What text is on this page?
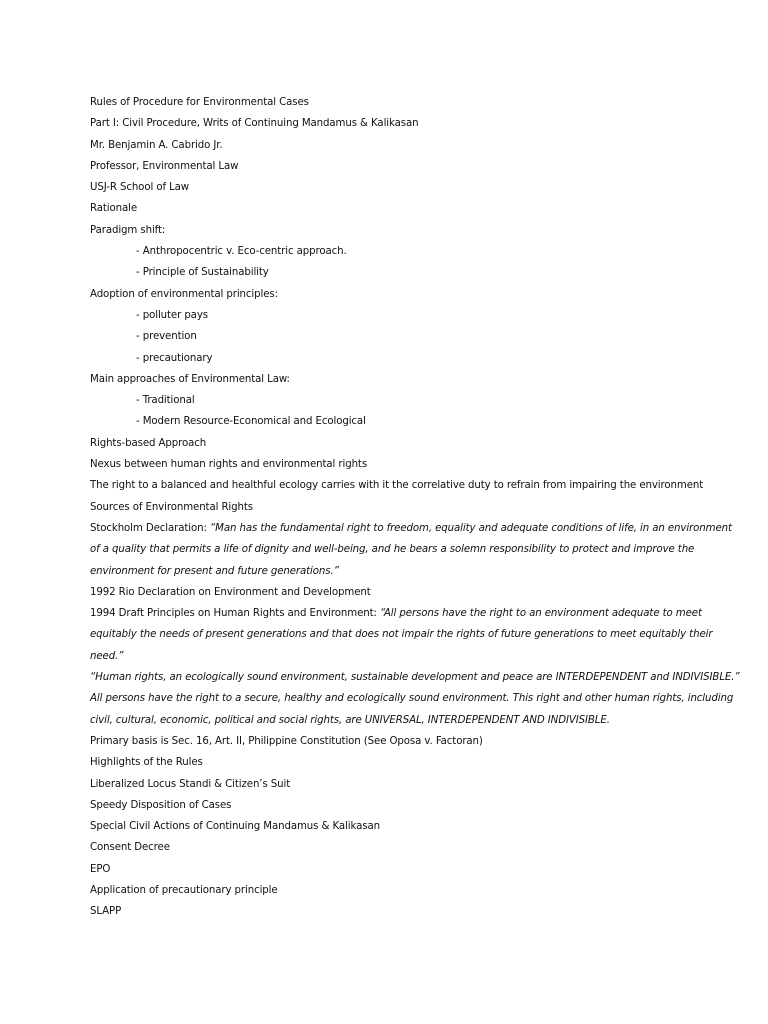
Rules of Procedure for Environmental Cases
Part I: Civil Procedure, Writs of Continuing Mandamus & Kalikasan
Mr. Benjamin A. Cabrido Jr.
Professor, Environmental Law
USJ-R School of Law
Rationale
Paradigm shift:
- Anthropocentric v. Eco-centric approach.
- Principle of Sustainability
Adoption of environmental principles:
- polluter pays
- prevention
- precautionary
Main approaches of Environmental Law:
- Traditional
- Modern Resource-Economical and Ecological
Rights-based Approach
Nexus between human rights and environmental rights
The right to a balanced and healthful ecology carries with it the correlative duty to refrain from impairing the environment
Sources of Environmental Rights
Stockholm Declaration: “Man has the fundamental right to freedom, equality and adequate conditions of life, in an environment
of a quality that permits a life of dignity and well-being, and he bears a solemn responsibility to protect and improve the
environment for present and future generations.”
1992 Rio Declaration on Environment and Development
1994 Draft Principles on Human Rights and Environment: “All persons have the right to an environment adequate to meet
equitably the needs of present generations and that does not impair the rights of future generations to meet equitably their
need.”
“Human rights, an ecologically sound environment, sustainable development and peace are INTERDEPENDENT and INDIVISIBLE.”
All persons have the right to a secure, healthy and ecologically sound environment. This right and other human rights, including
civil, cultural, economic, political and social rights, are UNIVERSAL, INTERDEPENDENT AND INDIVISIBLE.
Primary basis is Sec. 16, Art. II, Philippine Constitution (See Oposa v. Factoran)
Highlights of the Rules
Liberalized Locus Standi & Citizen’s Suit
Speedy Disposition of Cases
Special Civil Actions of Continuing Mandamus & Kalikasan
Consent Decree
EPO
Application of precautionary principle
SLAPP
